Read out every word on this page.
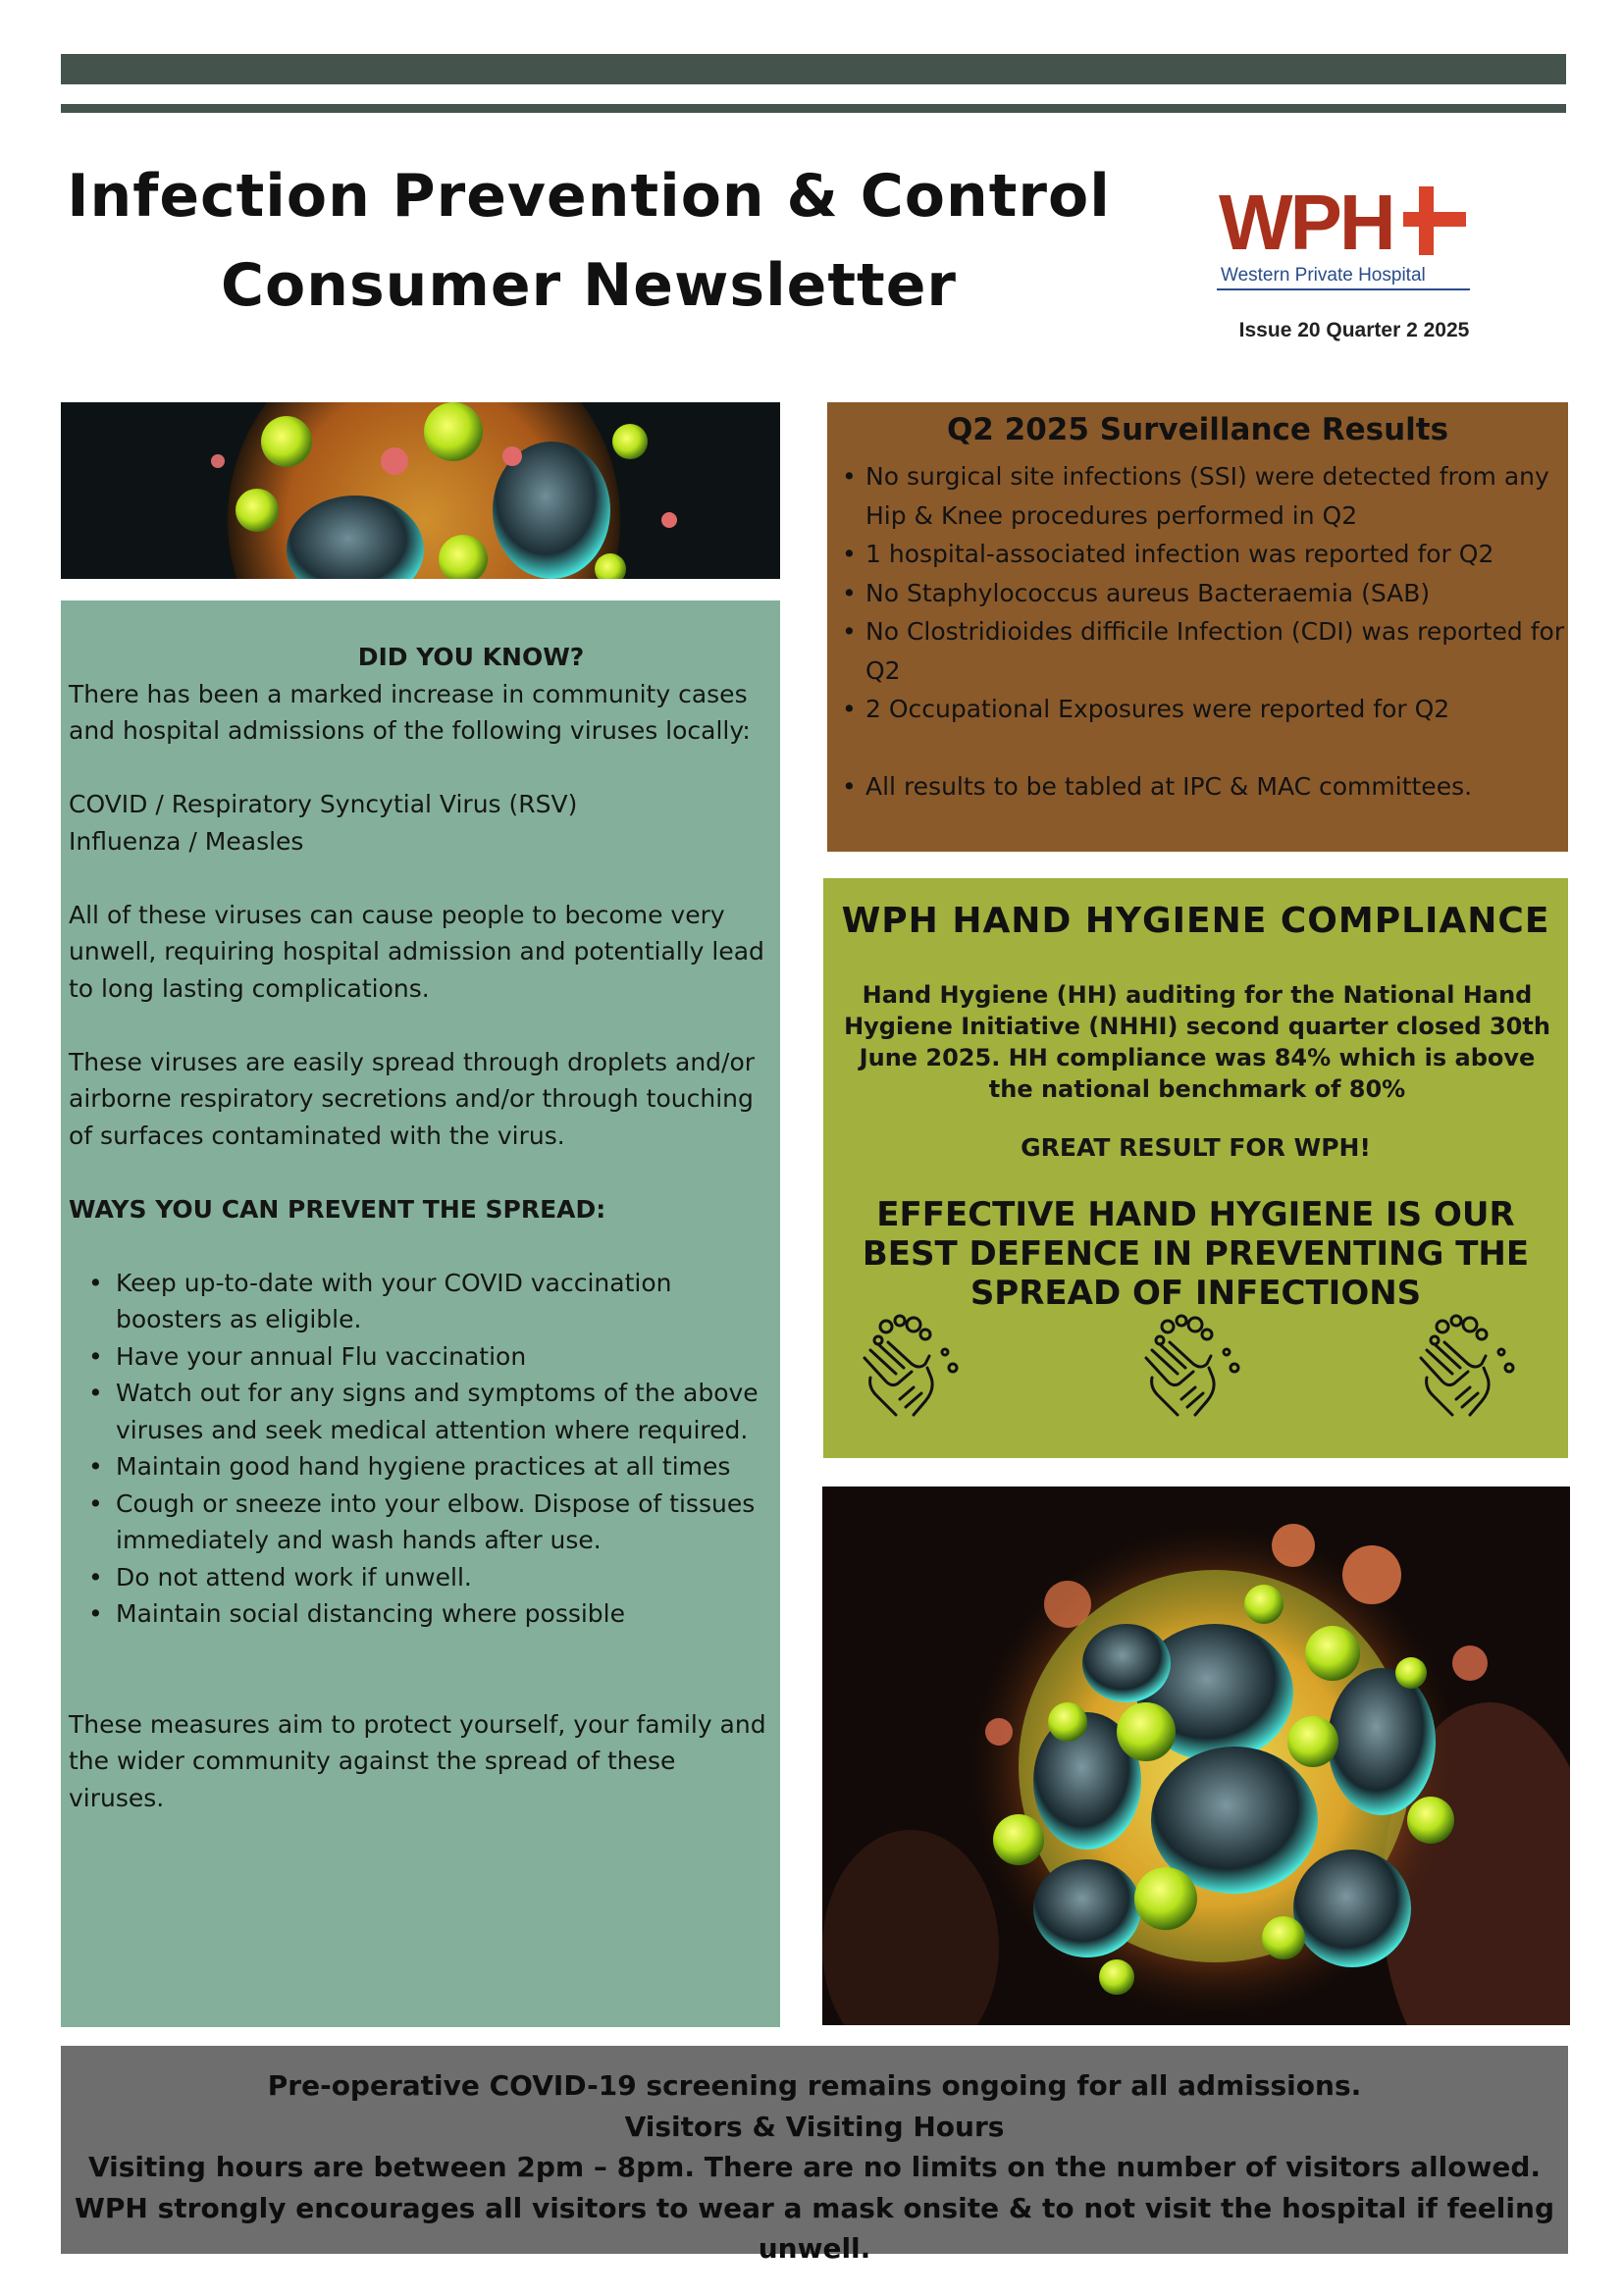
Infection Prevention & Control
Consumer Newsletter
WPH
Western Private Hospital
Issue 20 Quarter 2 2025

DID YOU KNOW?

There has been a marked increase in community cases and hospital admissions of the following viruses locally:

COVID / Respiratory Syncytial Virus (RSV)

Influenza / Measles

All of these viruses can cause people to become very unwell, requiring hospital admission and potentially lead to long lasting complications.

These viruses are easily spread through droplets and/or airborne respiratory secretions and/or through touching of surfaces contaminated with the virus.

WAYS YOU CAN PREVENT THE SPREAD:

• Keep up-to-date with your COVID vaccination boosters as eligible.
• Have your annual Flu vaccination
• Watch out for any signs and symptoms of the above viruses and seek medical attention where required.
• Maintain good hand hygiene practices at all times
• Cough or sneeze into your elbow. Dispose of tissues immediately and wash hands after use.
• Do not attend work if unwell.
• Maintain social distancing where possible

These measures aim to protect yourself, your family and the wider community against the spread of these viruses.

Q2 2025 Surveillance Results
• No surgical site infections (SSI) were detected from any Hip & Knee procedures performed in Q2
• 1 hospital-associated infection was reported for Q2
• No Staphylococcus aureus Bacteraemia (SAB)
• No Clostridioides difficile Infection (CDI) was reported for Q2
• 2 Occupational Exposures were reported for Q2
• All results to be tabled at IPC & MAC committees.
WPH HAND HYGIENE COMPLIANCE
Hand Hygiene (HH) auditing for the National Hand Hygiene Initiative (NHHI) second quarter closed 30th June 2025. HH compliance was 84% which is above the national benchmark of 80%
GREAT RESULT FOR WPH!
EFFECTIVE HAND HYGIENE IS OUR BEST DEFENCE IN PREVENTING THE SPREAD OF INFECTIONS
Pre-operative COVID-19 screening remains ongoing for all admissions.
Visitors & Visiting Hours
Visiting hours are between 2pm – 8pm. There are no limits on the number of visitors allowed.
WPH strongly encourages all visitors to wear a mask onsite & to not visit the hospital if feeling unwell.
